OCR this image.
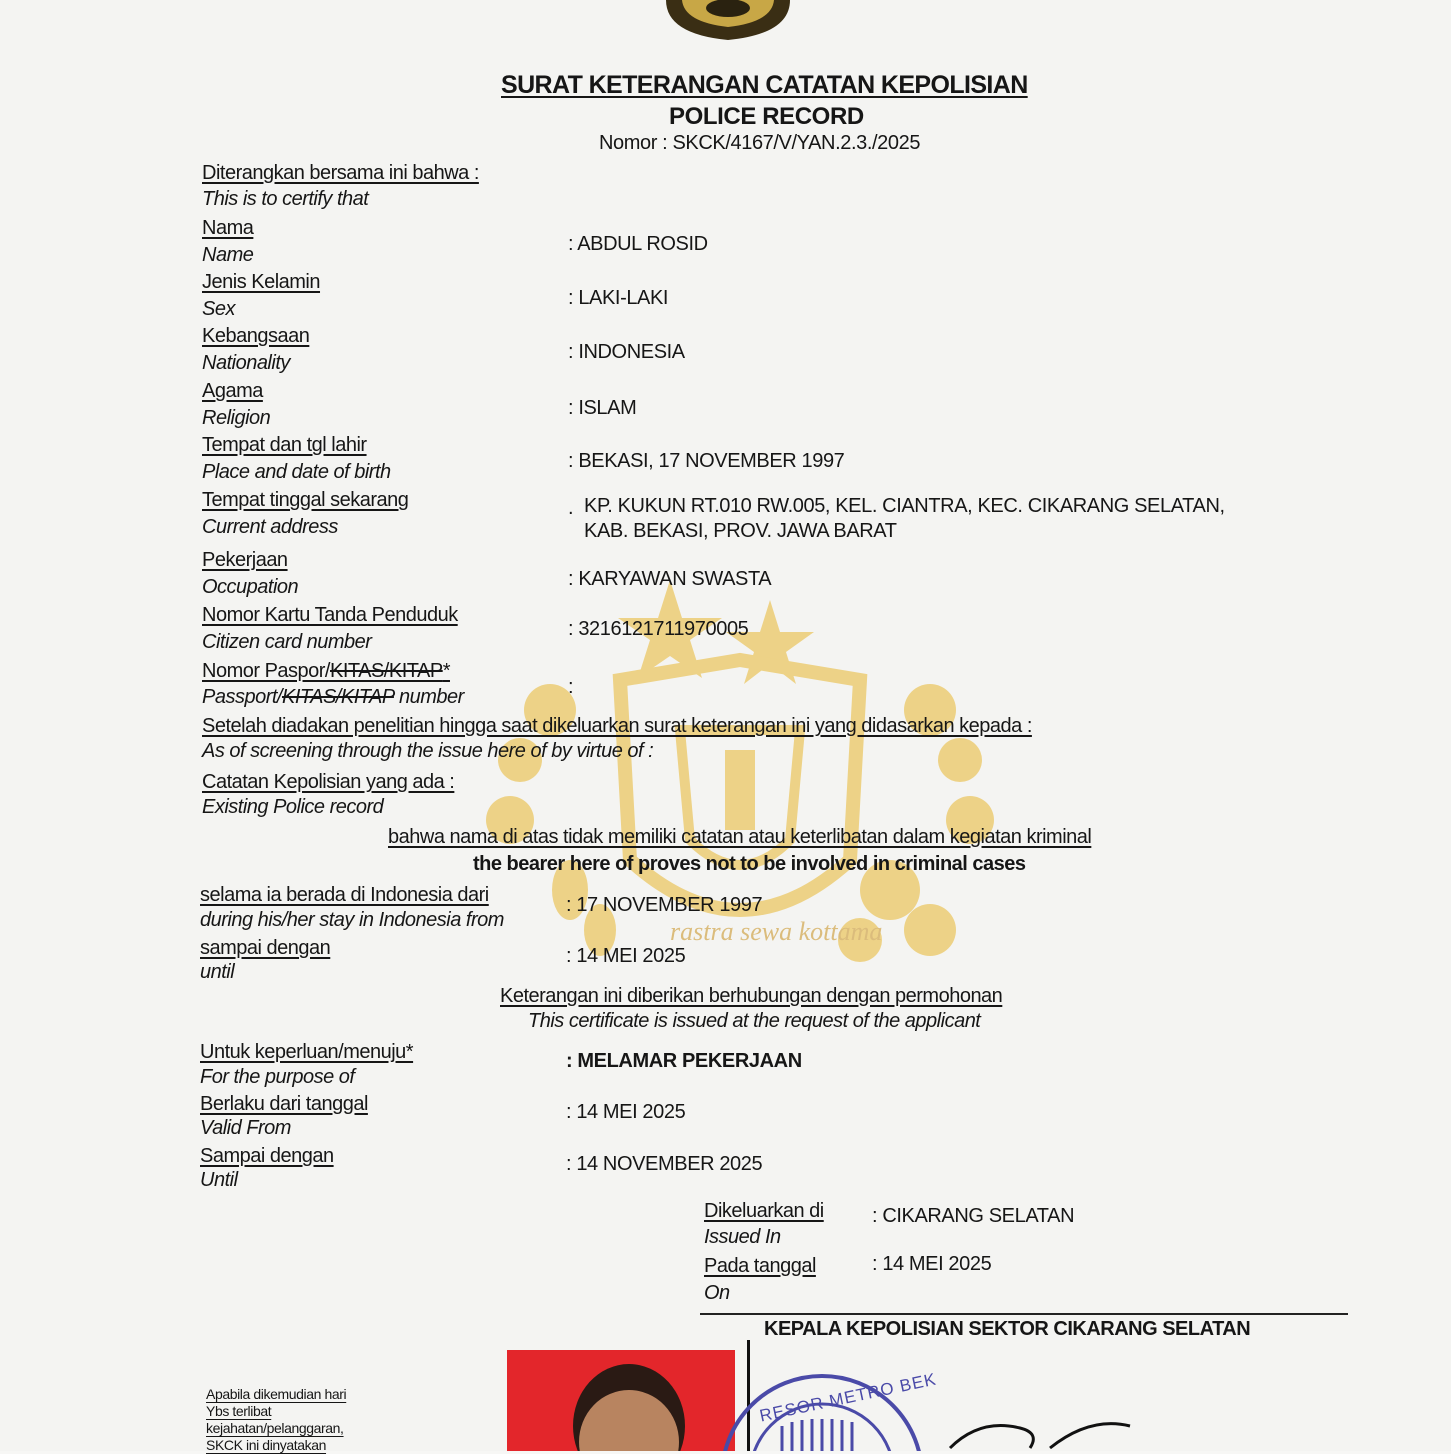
rastra sewa kottama
SURAT KETERANGAN CATATAN KEPOLISIAN
POLICE RECORD
Nomor : SKCK/4167/V/YAN.2.3./2025
Diterangkan bersama ini bahwa :
This is to certify that
Nama
Name	: ABDUL ROSID
Jenis Kelamin
Sex	: LAKI-LAKI
Kebangsaan
Nationality	: INDONESIA
Agama
Religion	: ISLAM
Tempat dan tgl lahir
Place and date of birth	: BEKASI, 17 NOVEMBER 1997
Tempat tinggal sekarang
Current address
. KP. KUKUN RT.010 RW.005, KEL. CIANTRA, KEC. CIKARANG SELATAN,
KAB. BEKASI, PROV. JAWA BARAT
Pekerjaan
Occupation	: KARYAWAN SWASTA
Nomor Kartu Tanda Penduduk
Citizen card number
: 3216121711970005
Nomor Paspor/KITAS/KITAP*
Passport/KITAS/KITAP number	:
Setelah diadakan penelitian hingga saat dikeluarkan surat keterangan ini yang didasarkan kepada :
As of screening through the issue here of by virtue of :
Catatan Kepolisian yang ada :
Existing Police record
bahwa nama di atas tidak memiliki catatan atau keterlibatan dalam kegiatan kriminal
the bearer here of proves not to be involved in criminal cases
selama ia berada di Indonesia dari
during his/her stay in Indonesia from
: 17 NOVEMBER 1997
sampai dengan
until
: 14 MEI 2025
Keterangan ini diberikan berhubungan dengan permohonan
This certificate is issued at the request of the applicant
Untuk keperluan/menuju*
For the purpose of
: MELAMAR PEKERJAAN
Berlaku dari tanggal
Valid From
: 14 MEI 2025
Sampai dengan
Until
: 14 NOVEMBER 2025
Dikeluarkan di
Issued In
: CIKARANG SELATAN
Pada tanggal
On
: 14 MEI 2025
KEPALA KEPOLISIAN SEKTOR CIKARANG SELATAN
Apabila dikemudian hari
Ybs terlibat
kejahatan/pelanggaran,
SKCK ini dinyatakan
RESOR METRO BEK
